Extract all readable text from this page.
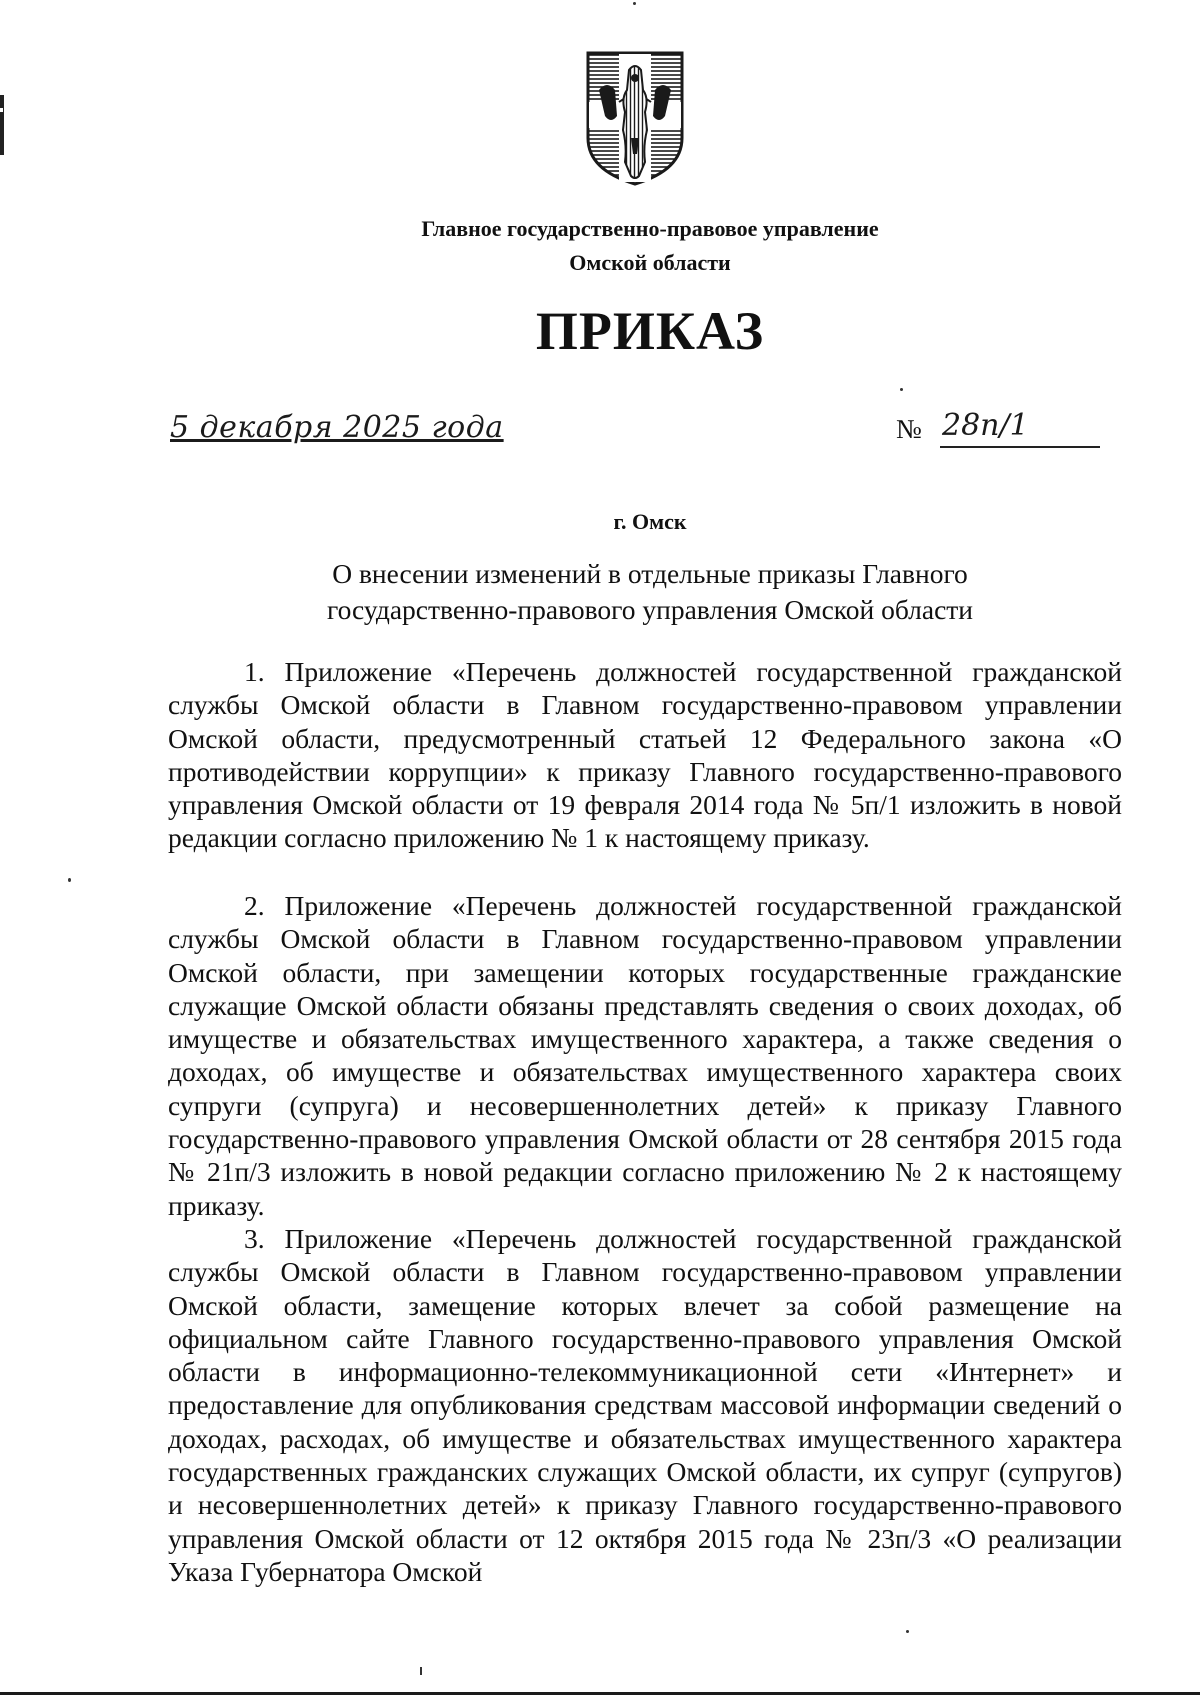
Главное государственно-правовое управление
Омской области
ПРИКАЗ
5 декабря 2025 года	№ 28п/1
г. Омск
О внесении изменений в отдельные приказы Главного
государственно-правового управления Омской области

1. Приложение «Перечень должностей государственной гражданской службы Омской области в Главном государственно-правовом управлении Омской области, предусмотренный статьей 12 Федерального закона «О противодействии коррупции» к приказу Главного государственно-правового управления Омской области от 19 февраля 2014 года № 5п/1 изложить в новой редакции согласно приложению № 1 к настоящему приказу.

2. Приложение «Перечень должностей государственной гражданской службы Омской области в Главном государственно-правовом управлении Омской области, при замещении которых государственные гражданские служащие Омской области обязаны представлять сведения о своих доходах, об имуществе и обязательствах имущественного характера, а также сведения о доходах, об имуществе и обязательствах имущественного характера своих супруги (супруга) и несовершеннолетних детей» к приказу Главного государственно-правового управления Омской области от 28 сентября 2015 года № 21п/3 изложить в новой редакции согласно приложению № 2 к настоящему приказу.

3. Приложение «Перечень должностей государственной гражданской службы Омской области в Главном государственно-правовом управлении Омской области, замещение которых влечет за собой размещение на официальном сайте Главного государственно-правового управления Омской области в информационно-телекоммуникационной сети «Интернет» и предоставление для опубликования средствам массовой информации сведений о доходах, расходах, об имуществе и обязательствах имущественного характера государственных гражданских служащих Омской области, их супруг (супругов) и несовершеннолетних детей» к приказу Главного государственно-правового управления Омской области от 12 октября 2015 года № 23п/3 «О реализации Указа Губернатора Омской
